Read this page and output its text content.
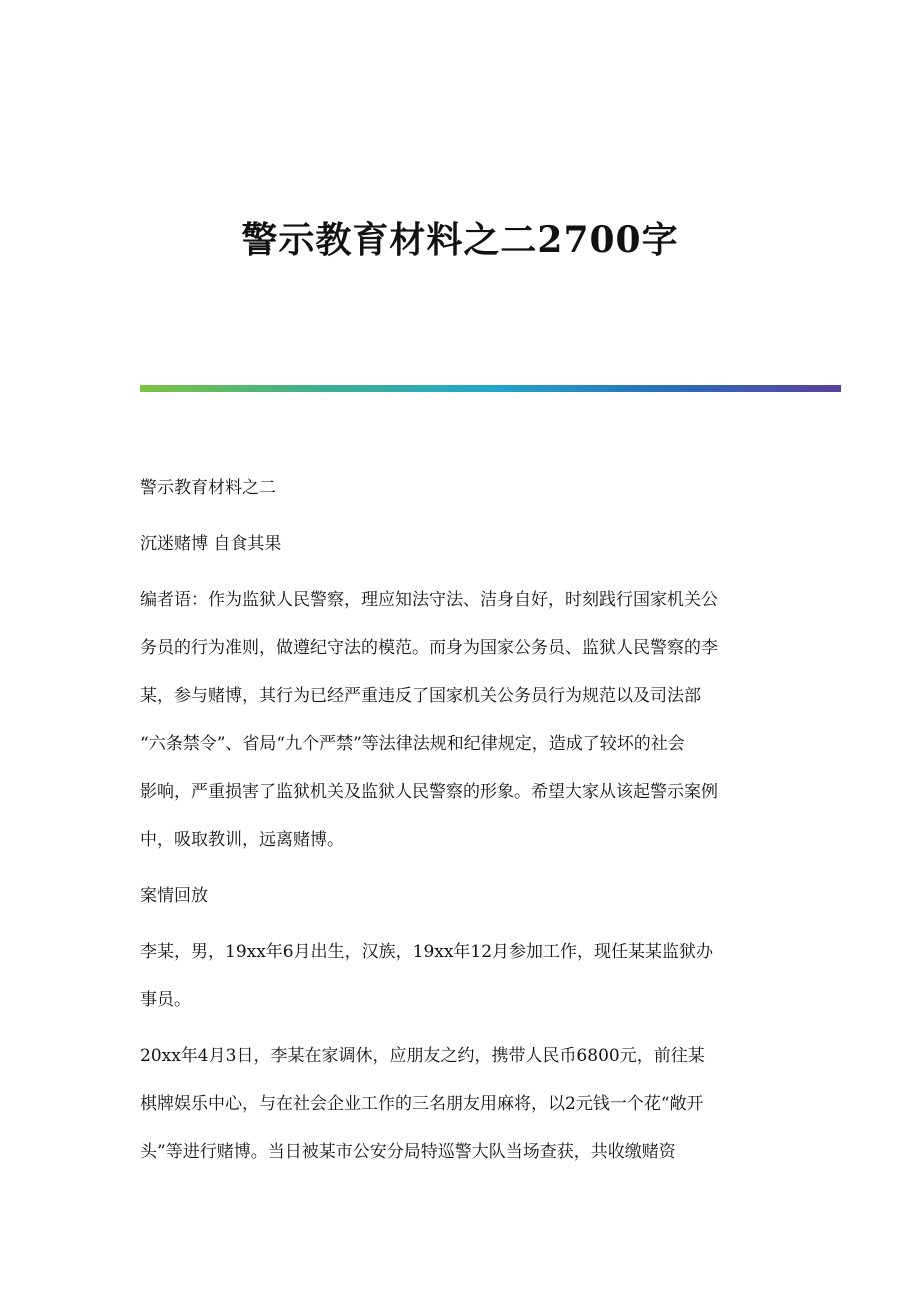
警示教育材料之二2700字

警示教育材料之二

沉迷赌博 自食其果

编者语：作为监狱人民警察，理应知法守法、洁身自好，时刻践行国家机关公
务员的行为准则，做遵纪守法的模范。而身为国家公务员、监狱人民警察的李
某，参与赌博，其行为已经严重违反了国家机关公务员行为规范以及司法部
“六条禁令”、省局“九个严禁”等法律法规和纪律规定，造成了较坏的社会
影响，严重损害了监狱机关及监狱人民警察的形象。希望大家从该起警示案例
中，吸取教训，远离赌博。

案情回放

李某，男，19xx年6月出生，汉族，19xx年12月参加工作，现任某某监狱办
事员。

20xx年4月3日，李某在家调休，应朋友之约，携带人民币6800元，前往某
棋牌娱乐中心，与在社会企业工作的三名朋友用麻将，以2元钱一个花“敞开
头”等进行赌博。当日被某市公安分局特巡警大队当场查获，共收缴赌资
